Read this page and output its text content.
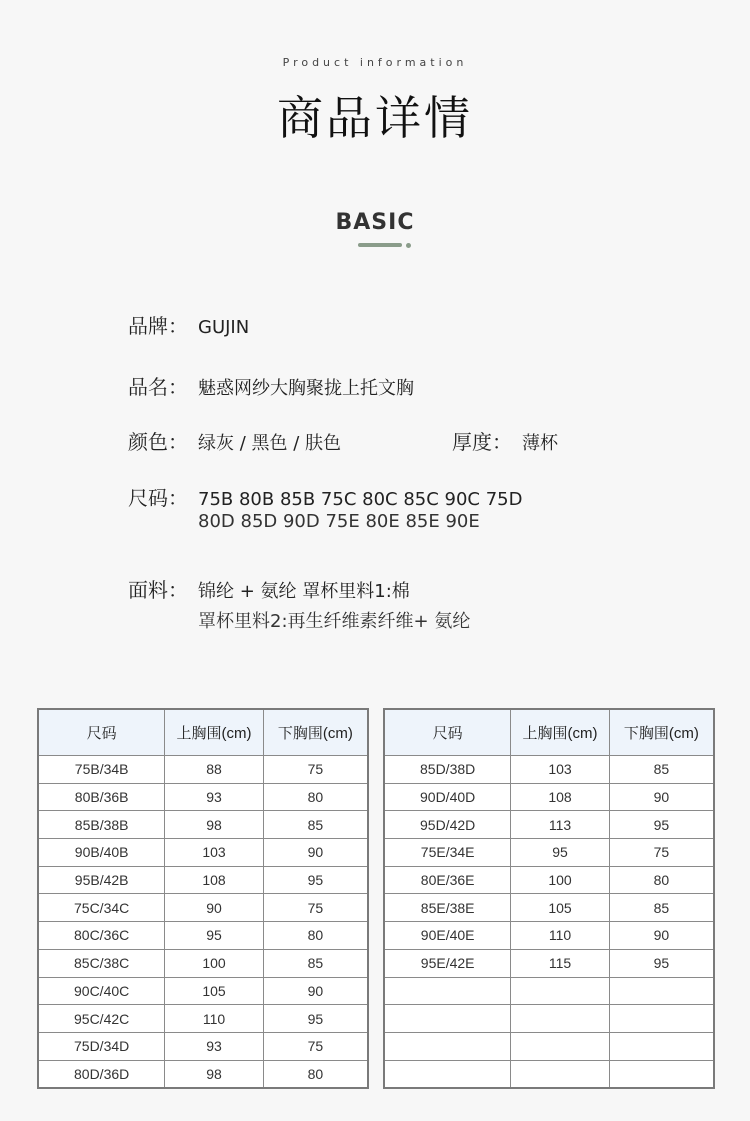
Product information
商品详情
BASIC
品牌： GUJIN
品名： 魅惑网纱大胸聚拢上托文胸
颜色： 绿灰 / 黑色 / 肤色	厚度： 薄杯
尺码： 75B 80B 85B 75C 80C 85C 90C 75D
80D 85D 90D 75E 80E 85E 90E
面料： 锦纶 + 氨纶 罩杯里料1:棉
罩杯里料2:再生纤维素纤维+ 氨纶
尺码	上胸围(cm)	下胸围(cm)
75B/34B	88	75
80B/36B	93	80
85B/38B	98	85
90B/40B	103	90
95B/42B	108	95
75C/34C	90	75
80C/36C	95	80
85C/38C	100	85
90C/40C	105	90
95C/42C	110	95
75D/34D	93	75
80D/36D	98	80
尺码	上胸围(cm)	下胸围(cm)
85D/38D	103	85
90D/40D	108	90
95D/42D	113	95
75E/34E	95	75
80E/36E	100	80
85E/38E	105	85
90E/40E	110	90
95E/42E	115	95
